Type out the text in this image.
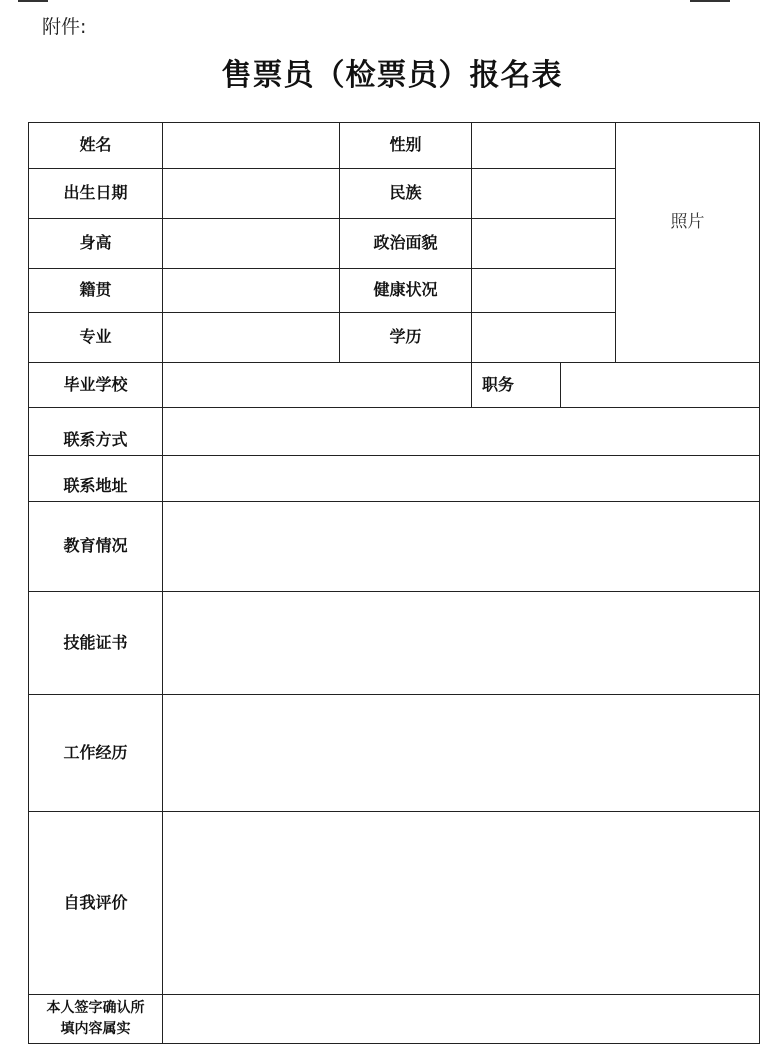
附件:
售票员（检票员）报名表
姓名	性别
照片
出生日期	民族
身高	政治面貌
籍贯	健康状况
专业	学历
毕业学校	职务
联系方式
联系地址
教育情况
技能证书
工作经历
自我评价
本人签字确认所
填内容属实
